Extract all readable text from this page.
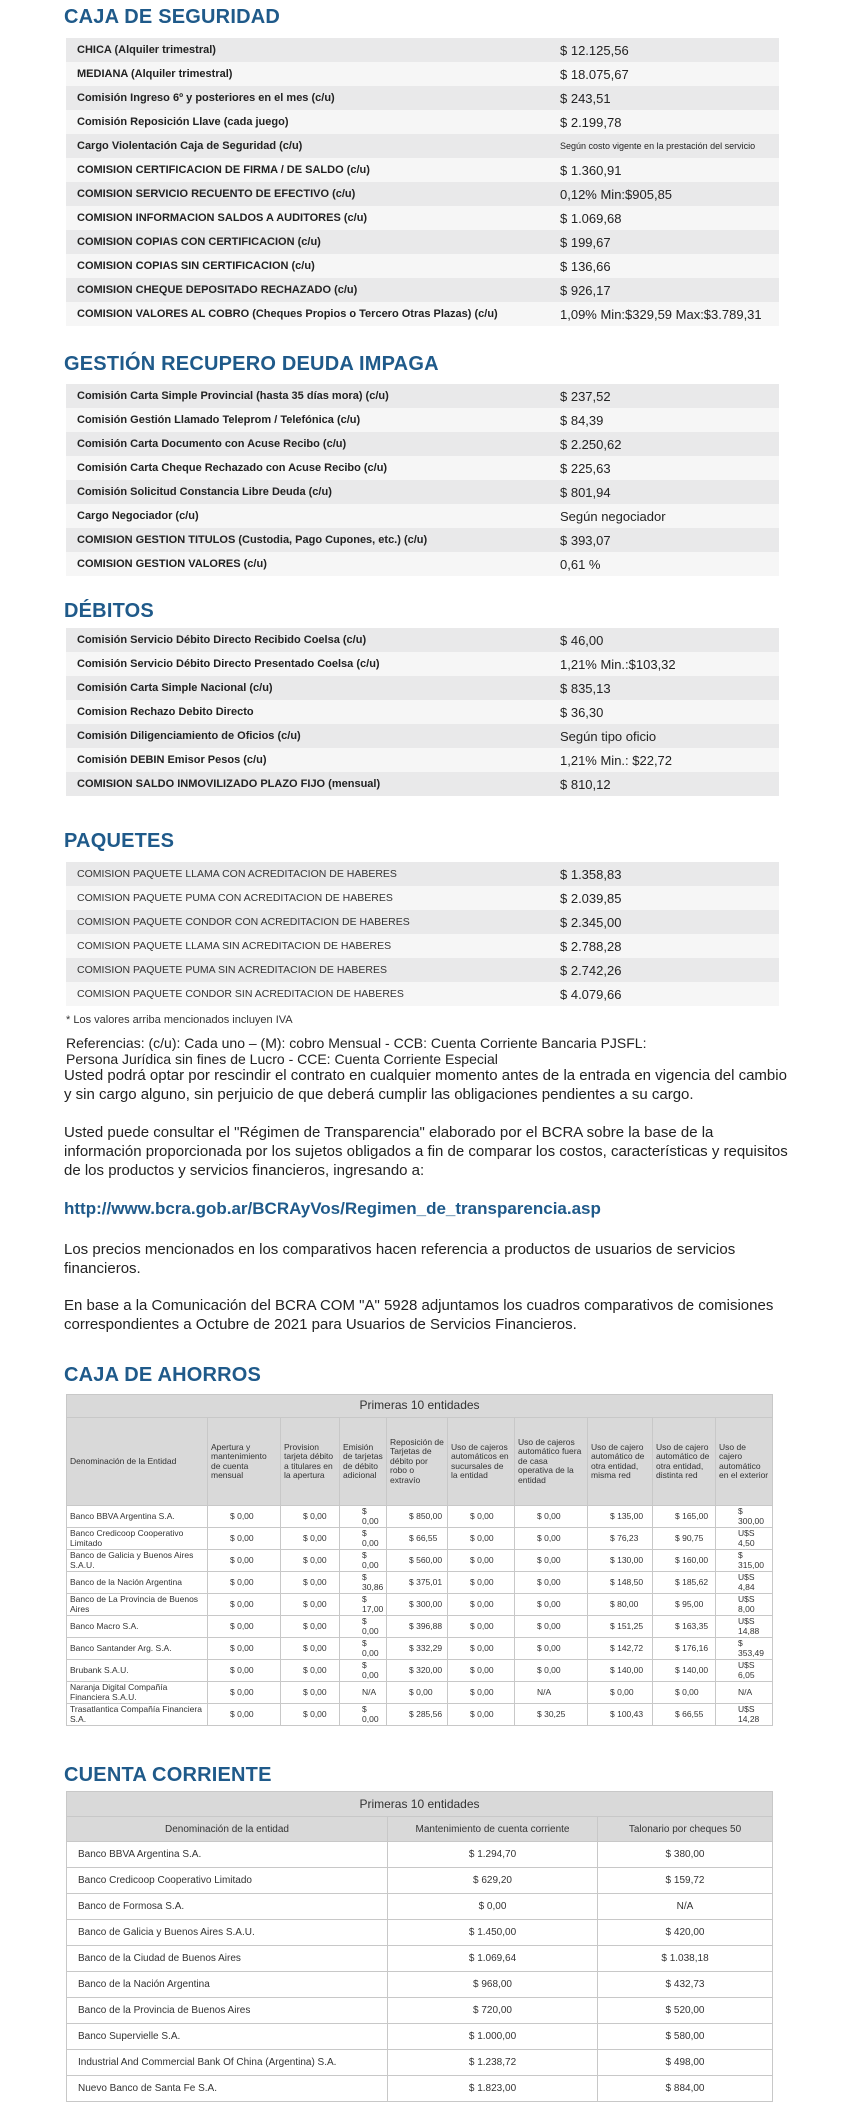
CAJA DE SEGURIDAD
CHICA (Alquiler trimestral)	$ 12.125,56
MEDIANA (Alquiler trimestral)	$ 18.075,67
Comisión Ingreso 6º y posteriores en el mes (c/u)	$ 243,51
Comisión Reposición Llave (cada juego)	$ 2.199,78
Cargo Violentación Caja de Seguridad (c/u)	Según costo vigente en la prestación del servicio
COMISION CERTIFICACION DE FIRMA / DE SALDO (c/u)	$ 1.360,91
COMISION SERVICIO RECUENTO DE EFECTIVO (c/u)	0,12% Min:$905,85
COMISION INFORMACION SALDOS A AUDITORES (c/u)	$ 1.069,68
COMISION COPIAS CON CERTIFICACION (c/u)	$ 199,67
COMISION COPIAS SIN CERTIFICACION (c/u)	$ 136,66
COMISION CHEQUE DEPOSITADO RECHAZADO (c/u)	$ 926,17
COMISION VALORES AL COBRO (Cheques Propios o Tercero Otras Plazas) (c/u)	1,09% Min:$329,59 Max:$3.789,31
GESTIÓN RECUPERO DEUDA IMPAGA
Comisión Carta Simple Provincial (hasta 35 días mora) (c/u)	$ 237,52
Comisión Gestión Llamado Teleprom / Telefónica (c/u)	$ 84,39
Comisión Carta Documento con Acuse Recibo (c/u)	$ 2.250,62
Comisión Carta Cheque Rechazado con Acuse Recibo (c/u)	$ 225,63
Comisión Solicitud Constancia Libre Deuda (c/u)	$ 801,94
Cargo Negociador (c/u)	Según negociador
COMISION GESTION TITULOS (Custodia, Pago Cupones, etc.) (c/u)	$ 393,07
COMISION GESTION VALORES (c/u)	0,61 %
DÉBITOS
Comisión Servicio Débito Directo Recibido Coelsa (c/u)	$ 46,00
Comisión Servicio Débito Directo Presentado Coelsa (c/u)	1,21% Min.:$103,32
Comisión Carta Simple Nacional (c/u)	$ 835,13
Comision Rechazo Debito Directo	$ 36,30
Comisión Diligenciamiento de Oficios (c/u)	Según tipo oficio
Comisión DEBIN Emisor Pesos (c/u)	1,21% Min.: $22,72
COMISION SALDO INMOVILIZADO PLAZO FIJO (mensual)	$ 810,12
PAQUETES
COMISION PAQUETE LLAMA CON ACREDITACION DE HABERES	$ 1.358,83
COMISION PAQUETE PUMA CON ACREDITACION DE HABERES	$ 2.039,85
COMISION PAQUETE CONDOR CON ACREDITACION DE HABERES	$ 2.345,00
COMISION PAQUETE LLAMA SIN ACREDITACION DE HABERES	$ 2.788,28
COMISION PAQUETE PUMA SIN ACREDITACION DE HABERES	$ 2.742,26
COMISION PAQUETE CONDOR SIN ACREDITACION DE HABERES	$ 4.079,66

* Los valores arriba mencionados incluyen IVA

Referencias: (c/u): Cada uno – (M): cobro Mensual - CCB: Cuenta Corriente Bancaria PJSFL:

Persona Jurídica sin fines de Lucro - CCE: Cuenta Corriente Especial

Usted podrá optar por rescindir el contrato en cualquier momento antes de la entrada en vigencia del cambio y sin cargo alguno, sin perjuicio de que deberá cumplir las obligaciones pendientes a su cargo.

Usted puede consultar el "Régimen de Transparencia" elaborado por el BCRA sobre la base de la información proporcionada por los sujetos obligados a fin de comparar los costos, características y requisitos de los productos y servicios financieros, ingresando a:

http://www.bcra.gob.ar/BCRAyVos/Regimen_de_transparencia.asp

Los precios mencionados en los comparativos hacen referencia a productos de usuarios de servicios financieros.

En base a la Comunicación del BCRA COM "A" 5928 adjuntamos los cuadros comparativos de comisiones correspondientes a Octubre de 2021 para Usuarios de Servicios Financieros.

CAJA DE AHORROS
Primeras 10 entidades									
Denominación de la Entidad	Apertura y mantenimiento de cuenta mensual	Provision tarjeta débito a titulares en la apertura	Emisión de tarjetas de débito adicional	Reposición de Tarjetas de débito por robo o extravío	Uso de cajeros automáticos en sucursales de la entidad	Uso de cajeros automático fuera de casa operativa de la entidad	Uso de cajero automático de otra entidad, misma red	Uso de cajero automático de otra entidad, distinta red	Uso de cajero automático en el exterior
Banco BBVA Argentina S.A.	$ 0,00	$ 0,00	$ 0,00	$ 850,00	$ 0,00	$ 0,00	$ 135,00	$ 165,00	$ 300,00
Banco Credicoop Cooperativo Limitado	$ 0,00	$ 0,00	$ 0,00	$ 66,55	$ 0,00	$ 0,00	$ 76,23	$ 90,75	U$S 4,50
Banco de Galicia y Buenos Aires S.A.U.	$ 0,00	$ 0,00	$ 0,00	$ 560,00	$ 0,00	$ 0,00	$ 130,00	$ 160,00	$ 315,00
Banco de la Nación Argentina	$ 0,00	$ 0,00	$ 30,86	$ 375,01	$ 0,00	$ 0,00	$ 148,50	$ 185,62	U$S 4,84
Banco de La Provincia de Buenos Aires	$ 0,00	$ 0,00	$ 17,00	$ 300,00	$ 0,00	$ 0,00	$ 80,00	$ 95,00	U$S 8,00
Banco Macro S.A.	$ 0,00	$ 0,00	$ 0,00	$ 396,88	$ 0,00	$ 0,00	$ 151,25	$ 163,35	U$S 14,88
Banco Santander Arg. S.A.	$ 0,00	$ 0,00	$ 0,00	$ 332,29	$ 0,00	$ 0,00	$ 142,72	$ 176,16	$ 353,49
Brubank S.A.U.	$ 0,00	$ 0,00	$ 0,00	$ 320,00	$ 0,00	$ 0,00	$ 140,00	$ 140,00	U$S 6,05
Naranja Digital Compañía Financiera S.A.U.	$ 0,00	$ 0,00	N/A	$ 0,00	$ 0,00	N/A	$ 0,00	$ 0,00	N/A
Trasatlantica Compañía Financiera S.A.	$ 0,00	$ 0,00	$ 0,00	$ 285,56	$ 0,00	$ 30,25	$ 100,43	$ 66,55	U$S 14,28
CUENTA CORRIENTE
Primeras 10 entidades		
Denominación de la entidad	Mantenimiento de cuenta corriente	Talonario por cheques 50
Banco BBVA Argentina S.A.	$ 1.294,70	$ 380,00
Banco Credicoop Cooperativo Limitado	$ 629,20	$ 159,72
Banco de Formosa S.A.	$ 0,00	N/A
Banco de Galicia y Buenos Aires S.A.U.	$ 1.450,00	$ 420,00
Banco de la Ciudad de Buenos Aires	$ 1.069,64	$ 1.038,18
Banco de la Nación Argentina	$ 968,00	$ 432,73
Banco de la Provincia de Buenos Aires	$ 720,00	$ 520,00
Banco Supervielle S.A.	$ 1.000,00	$ 580,00
Industrial And Commercial Bank Of China (Argentina) S.A.	$ 1.238,72	$ 498,00
Nuevo Banco de Santa Fe S.A.	$ 1.823,00	$ 884,00
